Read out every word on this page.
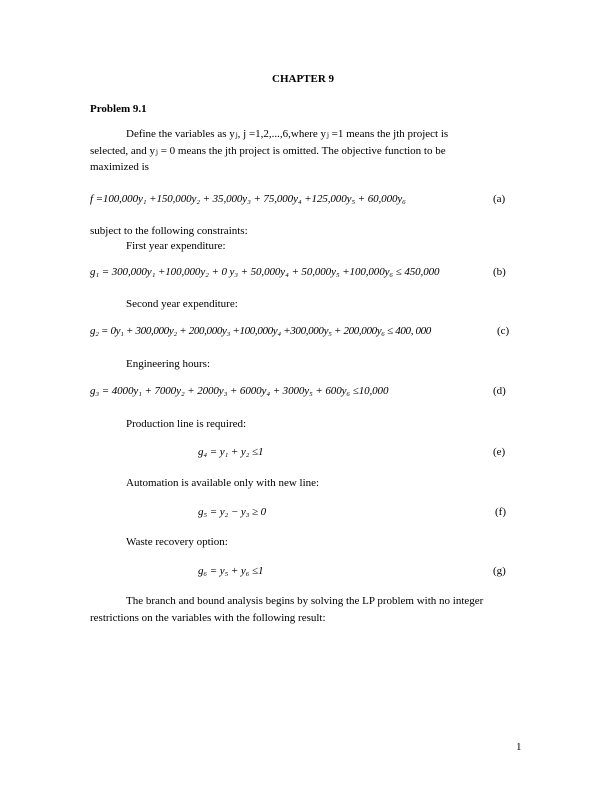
CHAPTER 9
Problem 9.1
Define the variables as yⱼ, j =1,2,...,6,where yⱼ =1 means the jth project is
selected, and yⱼ = 0 means the jth project is omitted. The objective function to be
maximized is
f =100,000y₁ +150,000y₂ + 35,000y₃ + 75,000y₄ +125,000y₅ + 60,000y₆	(a)
subject to the following constraints:
First year expenditure:
g₁ = 300,000y₁ +100,000y₂ + 0 y₃ + 50,000y₄ + 50,000y₅ +100,000y₆ ≤ 450,000	(b)
Second year expenditure:
g₂ = 0y₁ + 300,000y₂ + 200,000y₃ +100,000y₄ +300,000y₅ + 200,000y₆ ≤ 400, 000	(c)
Engineering hours:
g₃ = 4000y₁ + 7000y₂ + 2000y₃ + 6000y₄ + 3000y₅ + 600y₆ ≤10,000	(d)
Production line is required:
g₄ = y₁ + y₂ ≤1	(e)
Automation is available only with new line:
g₅ = y₂ − y₃ ≥ 0	(f)
Waste recovery option:
g₆ = y₅ + y₆ ≤1	(g)
The branch and bound analysis begins by solving the LP problem with no integer
restrictions on the variables with the following result:
1
